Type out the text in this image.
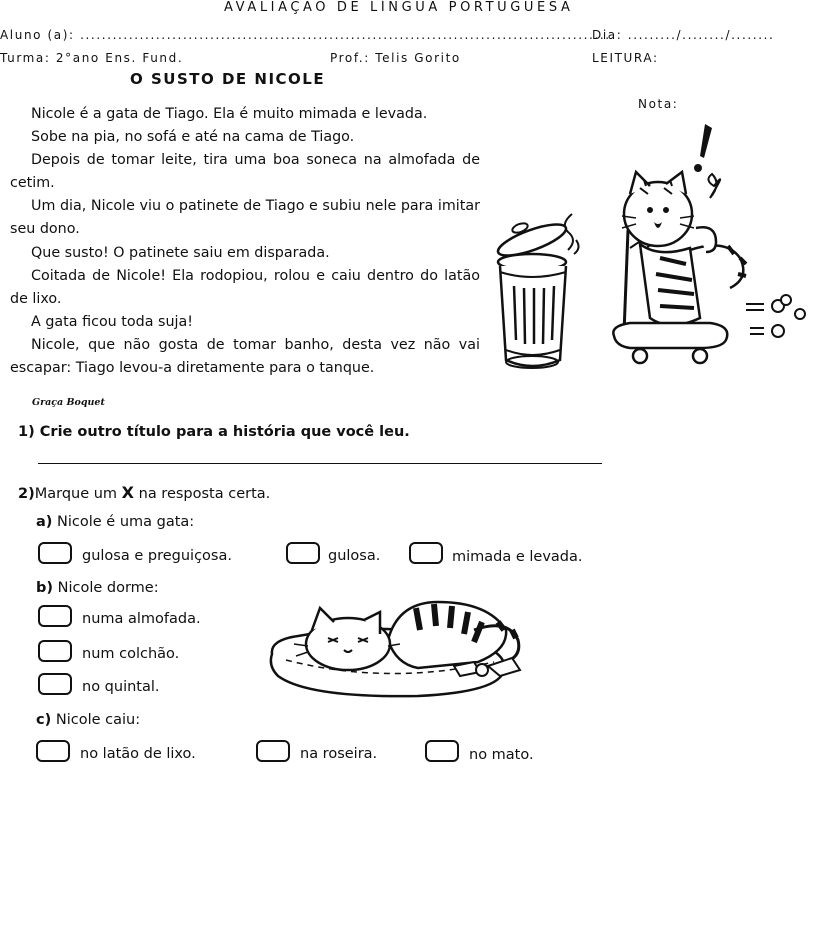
AVALIAÇÃO DE LÍNGUA PORTUGUESA
Aluno (a): ..................................................................................................
Dia: ........./......../........
Turma: 2°ano Ens. Fund.	Prof.: Telis Gorito	LEITURA:
Nota:
O SUSTO DE NICOLE

Nicole é a gata de Tiago. Ela é muito mimada e levada.

Sobe na pia, no sofá e até na cama de Tiago.

Depois de tomar leite, tira uma boa soneca na almofada de cetim.

Um dia, Nicole viu o patinete de Tiago e subiu nele para imitar seu dono.

Que susto! O patinete saiu em disparada.

Coitada de Nicole! Ela rodopiou, rolou e caiu dentro do latão de lixo.

A gata ficou toda suja!

Nicole, que não gosta de tomar banho, desta vez não vai escapar: Tiago levou-a diretamente para o tanque.

Graça Boquet
1) Crie outro título para a história que você leu.
2)Marque um X na resposta certa.
a) Nicole é uma gata:
gulosa e preguiçosa.	gulosa.	mimada e levada.
b) Nicole dorme:
numa almofada.
num colchão.
no quintal.
c) Nicole caiu:
no latão de lixo.	na roseira.	no mato.
